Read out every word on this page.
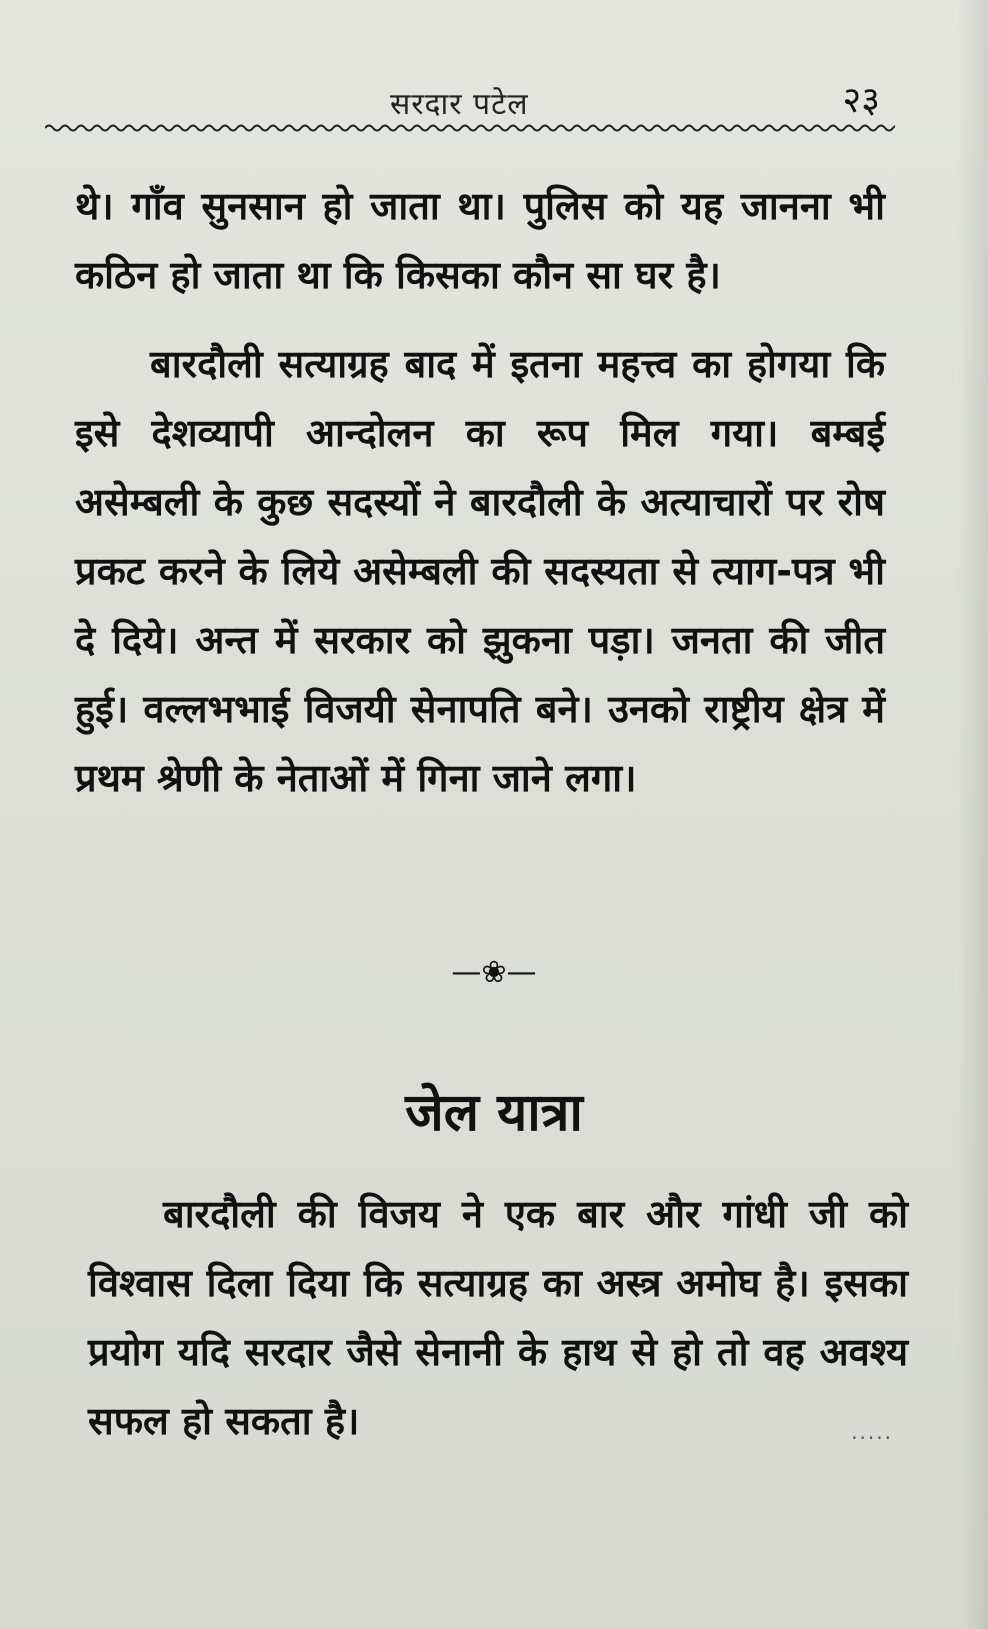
सरदार पटेल	२३
थे। गाँव सुनसान हो जाता था। पुलिस को यह जानना भी कठिन हो जाता था कि किसका कौन सा घर है।
बारदौली सत्याग्रह बाद में इतना महत्त्व का होगया कि इसे देशव्यापी आन्दोलन का रूप मिल गया। बम्बई असेम्बली के कुछ सदस्यों ने बारदौली के अत्याचारों पर रोष प्रकट करने के लिये असेम्बली की सदस्यता से त्याग-पत्र भी दे दिये। अन्त में सरकार को झुकना पड़ा। जनता की जीत हुई। वल्लभभाई विजयी सेनापति बने। उनको राष्ट्रीय क्षेत्र में प्रथम श्रेणी के नेताओं में गिना जाने लगा।
—❀—
जेल यात्रा
बारदौली की विजय ने एक बार और गांधी जी को विश्वास दिला दिया कि सत्याग्रह का अस्त्र अमोघ है। इसका प्रयोग यदि सरदार जैसे सेनानी के हाथ से हो तो वह अवश्य सफल हो सकता है।	.....
